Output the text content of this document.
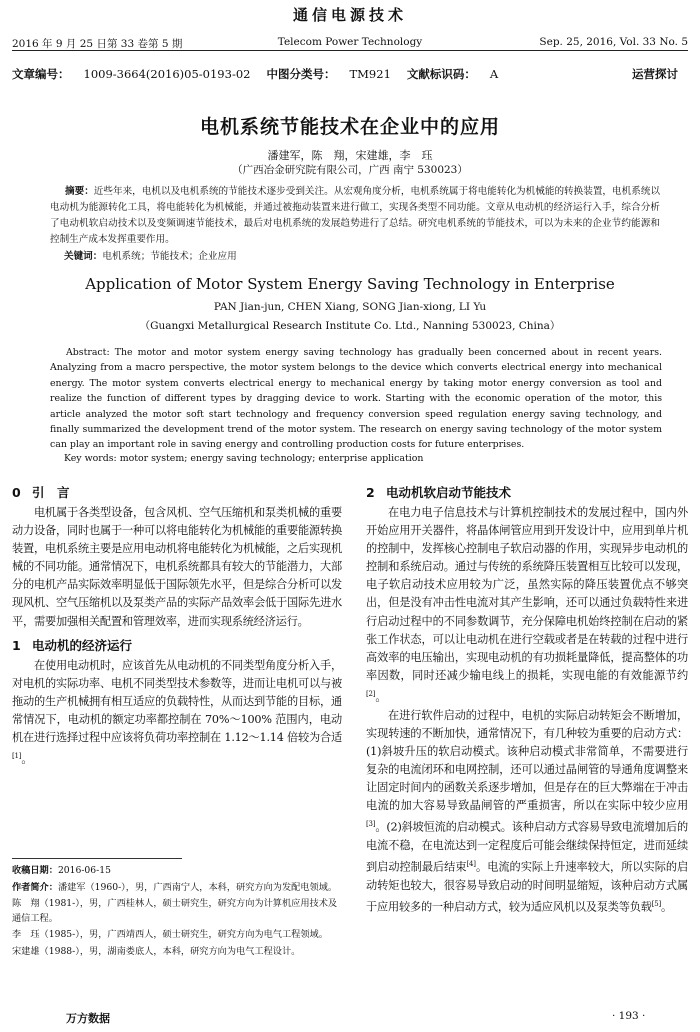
通信电源技术
2016 年 9 月 25 日第 33 卷第 5 期	Telecom Power Technology	Sep. 25, 2016, Vol. 33 No. 5
文章编号： 1009-3664(2016)05-0193-02 中图分类号： TM921 文献标识码： A	运营探讨
电机系统节能技术在企业中的应用
潘建军，陈　翔，宋建雄，李　珏
（广西冶金研究院有限公司，广西 南宁 530023）
摘要：近些年来，电机以及电机系统的节能技术逐步受到关注。从宏观角度分析，电机系统属于将电能转化为机械能的转换装置，电机系统以电动机为能源转化工具，将电能转化为机械能，并通过被拖动装置来进行做工，实现各类型不同功能。文章从电动机的经济运行入手，综合分析了电动机软启动技术以及变频调速节能技术，最后对电机系统的发展趋势进行了总结。研究电机系统的节能技术，可以为未来的企业节约能源和控制生产成本发挥重要作用。
关键词：电机系统；节能技术；企业应用
Application of Motor System Energy Saving Technology in Enterprise
PAN Jian-jun, CHEN Xiang, SONG Jian-xiong, LI Yu
（Guangxi Metallurgical Research Institute Co. Ltd., Nanning 530023, China）
Abstract: The motor and motor system energy saving technology has gradually been concerned about in recent years. Analyzing from a macro perspective, the motor system belongs to the device which converts electrical energy into mechanical energy. The motor system converts electrical energy to mechanical energy by taking motor energy conversion as tool and realize the function of different types by dragging device to work. Starting with the economic operation of the motor, this article analyzed the motor soft start technology and frequency conversion speed regulation energy saving technology, and finally summarized the development trend of the motor system. The research on energy saving technology of the motor system can play an important role in saving energy and controlling production costs for future enterprises.
Key words: motor system; energy saving technology; enterprise application
0 引　言

电机属于各类型设备，包含风机、空气压缩机和泵类机械的重要动力设备，同时也属于一种可以将电能转化为机械能的重要能源转换装置，电机系统主要是应用电动机将电能转化为机械能，之后实现机械的不同功能。通常情况下，电机系统都具有较大的节能潜力，大部分的电机产品实际效率明显低于国际领先水平，但是综合分析可以发现风机、空气压缩机以及泵类产品的实际产品效率会低于国际先进水平，需要加强相关配置和管理效率，进而实现系统经济运行。

1 电动机的经济运行

在使用电动机时，应该首先从电动机的不同类型角度分析入手，对电机的实际功率、电机不同类型技术参数等，进而让电机可以与被拖动的生产机械拥有相互适应的负载特性，从而达到节能的目标，通常情况下，电动机的额定功率都控制在 70%～100% 范围内，电动机在进行选择过程中应该将负荷功率控制在 1.12～1.14 倍较为合适[1]。

2 电动机软启动节能技术

在电力电子信息技术与计算机控制技术的发展过程中，国内外开始应用开关器件，将晶体闸管应用到开发设计中，应用到单片机的控制中，发挥核心控制电子软启动器的作用，实现异步电动机的控制和系统启动。通过与传统的系统降压装置相互比较可以发现，电子软启动技术应用较为广泛，虽然实际的降压装置优点不够突出，但是没有冲击性电流对其产生影响，还可以通过负载特性来进行启动过程中的不同参数调节，充分保障电机始终控制在启动的紧张工作状态，可以让电动机在进行空载或者是在转载的过程中进行高效率的电压输出，实现电动机的有功损耗量降低，提高整体的功率因数，同时还减少输电线上的损耗，实现电能的有效能源节约[2]。

在进行软件启动的过程中，电机的实际启动转矩会不断增加，实现转速的不断加快，通常情况下，有几种较为重要的启动方式：(1)斜坡升压的软启动模式。该种启动模式非常简单，不需要进行复杂的电流闭环和电网控制，还可以通过晶闸管的导通角度调整来让固定时间内的函数关系逐步增加，但是存在的巨大弊端在于冲击电流的加大容易导致晶闸管的严重损害，所以在实际中较少应用[3]。(2)斜坡恒流的启动模式。该种启动方式容易导致电流增加后的电流不稳，在电流达到一定程度后可能会继续保持恒定，进而延续到启动控制最后结束[4]。电流的实际上升速率较大，所以实际的启动转矩也较大，很容易导致启动的时间明显缩短，该种启动方式属于应用较多的一种启动方式，较为适应风机以及泵类等负载[5]。

收稿日期：2016-06-15
作者简介：潘建军（1960-），男，广西南宁人，本科，研究方向为发配电领域。
陈　翔（1981-），男，广西桂林人，硕士研究生，研究方向为计算机应用技术及通信工程。
李　珏（1985-），男，广西靖西人，硕士研究生，研究方向为电气工程领域。
宋建雄（1988-），男，湖南娄底人，本科，研究方向为电气工程设计。
万方数据	· 193 ·
